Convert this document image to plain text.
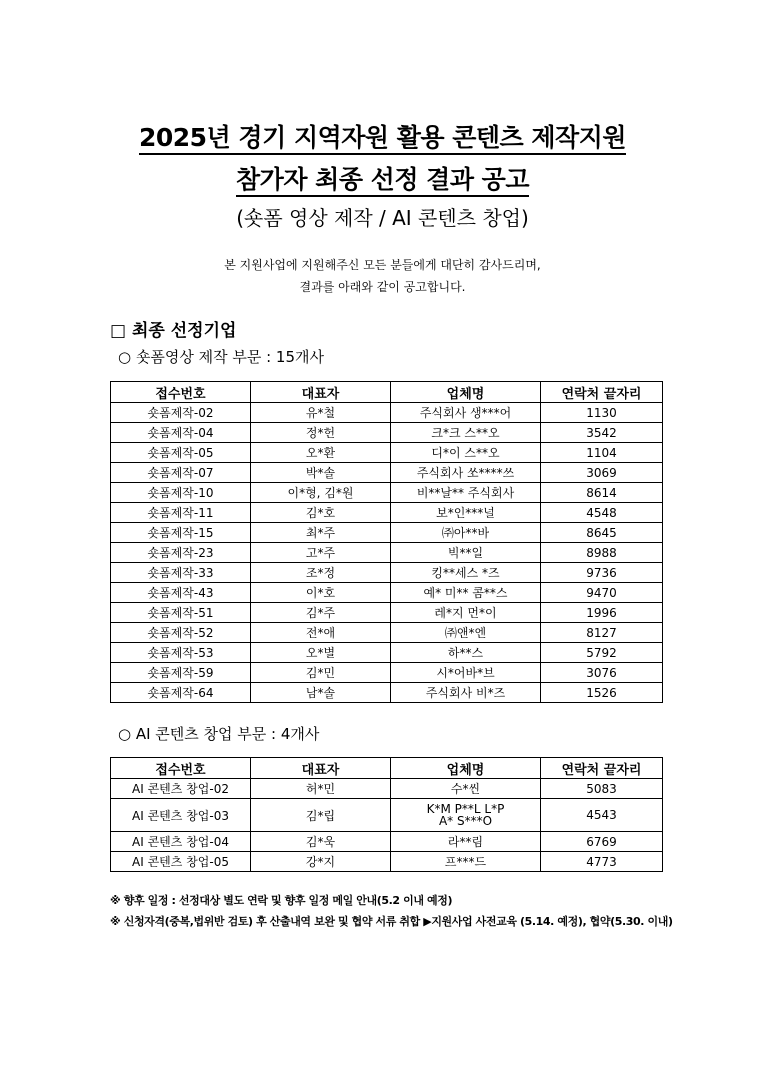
2025년 경기 지역자원 활용 콘텐츠 제작지원
참가자 최종 선정 결과 공고
(숏폼 영상 제작 / AI 콘텐츠 창업)
본 지원사업에 지원해주신 모든 분들에게 대단히 감사드리며,
결과를 아래와 같이 공고합니다.
□ 최종 선정기업
○ 숏폼영상 제작 부문 : 15개사
접수번호	대표자	업체명	연락처 끝자리
숏폼제작-02	유*철	주식회사 생***어	1130
숏폼제작-04	정*헌	크*크 스**오	3542
숏폼제작-05	오*환	디*이 스**오	1104
숏폼제작-07	박*솔	주식회사 쏘****쓰	3069
숏폼제작-10	이*형, 김*원	비**날** 주식회사	8614
숏폼제작-11	김*호	보*인***널	4548
숏폼제작-15	최*주	㈜아**바	8645
숏폼제작-23	고*주	빅**일	8988
숏폼제작-33	조*정	킹**세스 *즈	9736
숏폼제작-43	이*호	예* 미** 콤**스	9470
숏폼제작-51	김*주	레*지 먼*이	1996
숏폼제작-52	전*애	㈜앤*엔	8127
숏폼제작-53	오*별	하**스	5792
숏폼제작-59	김*민	시*어바*브	3076
숏폼제작-64	남*솔	주식회사 비*즈	1526
○ AI 콘텐츠 창업 부문 : 4개사
접수번호	대표자	업체명	연락처 끝자리
AI 콘텐츠 창업-02	허*민	수*씬	5083
AI 콘텐츠 창업-03	김*립	K*M P**L L*P
A* S***O	4543
AI 콘텐츠 창업-04	김*욱	라**림	6769
AI 콘텐츠 창업-05	강*지	프***드	4773
※ 향후 일정 : 선정대상 별도 연락 및 향후 일정 메일 안내(5.2 이내 예정)
※ 신청자격(중복,법위반 검토) 후 산출내역 보완 및 협약 서류 취합 ▶지원사업 사전교육 (5.14. 예정), 협약(5.30. 이내)
